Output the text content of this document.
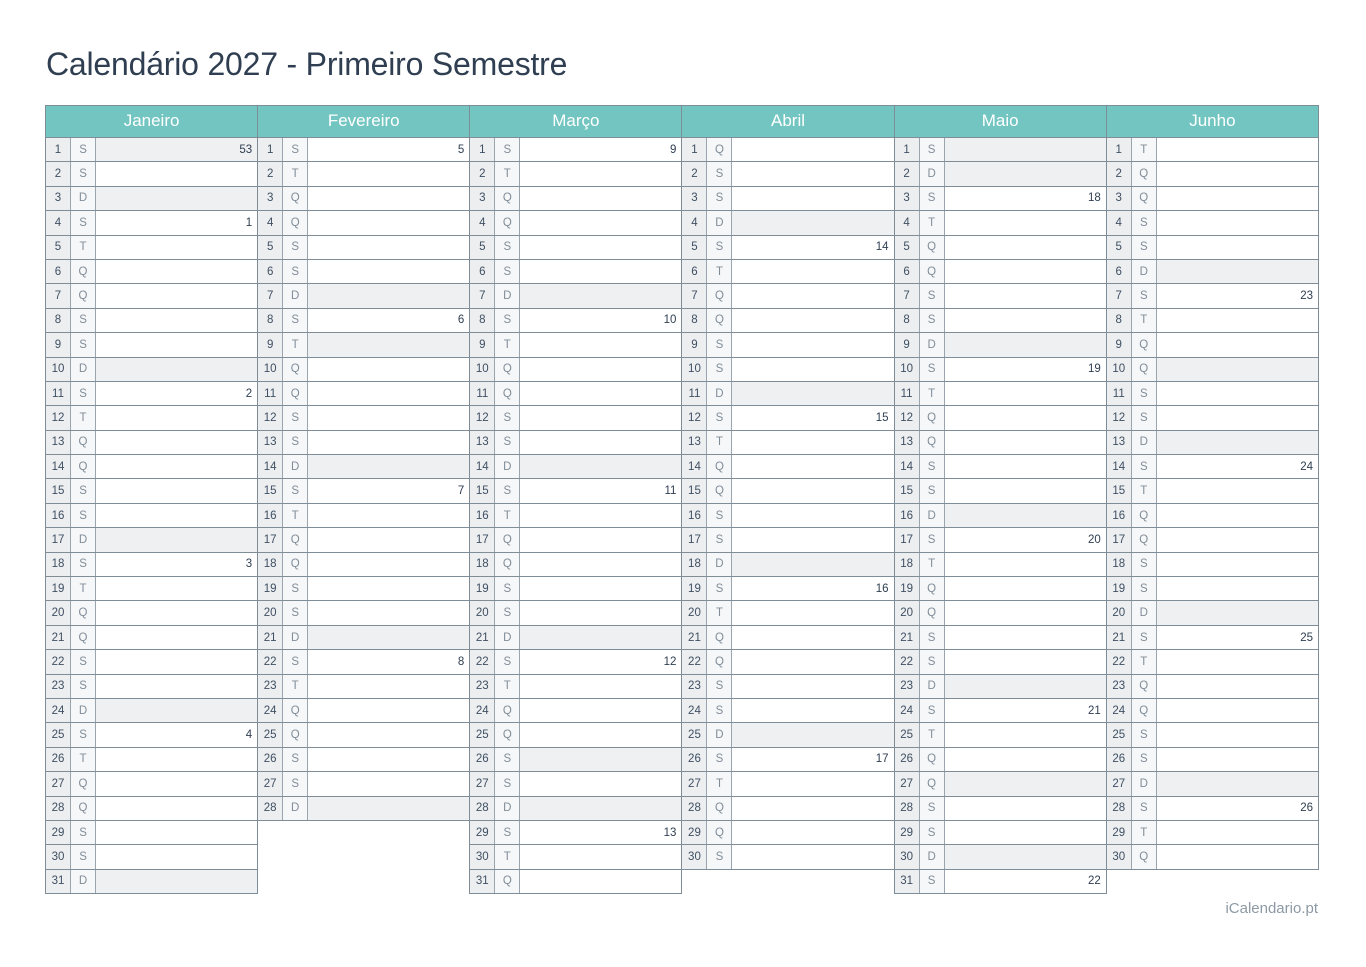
Calendário 2027 - Primeiro Semestre
Janeiro			Fevereiro			Março			Abril			Maio			Junho		
1	S	53	1	S	5	1	S	9	1	Q		1	S		1	T	
2	S		2	T		2	T		2	S		2	D		2	Q	
3	D		3	Q		3	Q		3	S		3	S	18	3	Q	
4	S	1	4	Q		4	Q		4	D		4	T		4	S	
5	T		5	S		5	S		5	S	14	5	Q		5	S	
6	Q		6	S		6	S		6	T		6	Q		6	D	
7	Q		7	D		7	D		7	Q		7	S		7	S	23
8	S		8	S	6	8	S	10	8	Q		8	S		8	T	
9	S		9	T		9	T		9	S		9	D		9	Q	
10	D		10	Q		10	Q		10	S		10	S	19	10	Q	
11	S	2	11	Q		11	Q		11	D		11	T		11	S	
12	T		12	S		12	S		12	S	15	12	Q		12	S	
13	Q		13	S		13	S		13	T		13	Q		13	D	
14	Q		14	D		14	D		14	Q		14	S		14	S	24
15	S		15	S	7	15	S	11	15	Q		15	S		15	T	
16	S		16	T		16	T		16	S		16	D		16	Q	
17	D		17	Q		17	Q		17	S		17	S	20	17	Q	
18	S	3	18	Q		18	Q		18	D		18	T		18	S	
19	T		19	S		19	S		19	S	16	19	Q		19	S	
20	Q		20	S		20	S		20	T		20	Q		20	D	
21	Q		21	D		21	D		21	Q		21	S		21	S	25
22	S		22	S	8	22	S	12	22	Q		22	S		22	T	
23	S		23	T		23	T		23	S		23	D		23	Q	
24	D		24	Q		24	Q		24	S		24	S	21	24	Q	
25	S	4	25	Q		25	Q		25	D		25	T		25	S	
26	T		26	S		26	S		26	S	17	26	Q		26	S	
27	Q		27	S		27	S		27	T		27	Q		27	D	
28	Q		28	D		28	D		28	Q		28	S		28	S	26
29	S					29	S	13	29	Q		29	S		29	T	
30	S					30	T		30	S		30	D		30	Q	
31	D					31	Q					31	S	22			
iCalendario.pt
